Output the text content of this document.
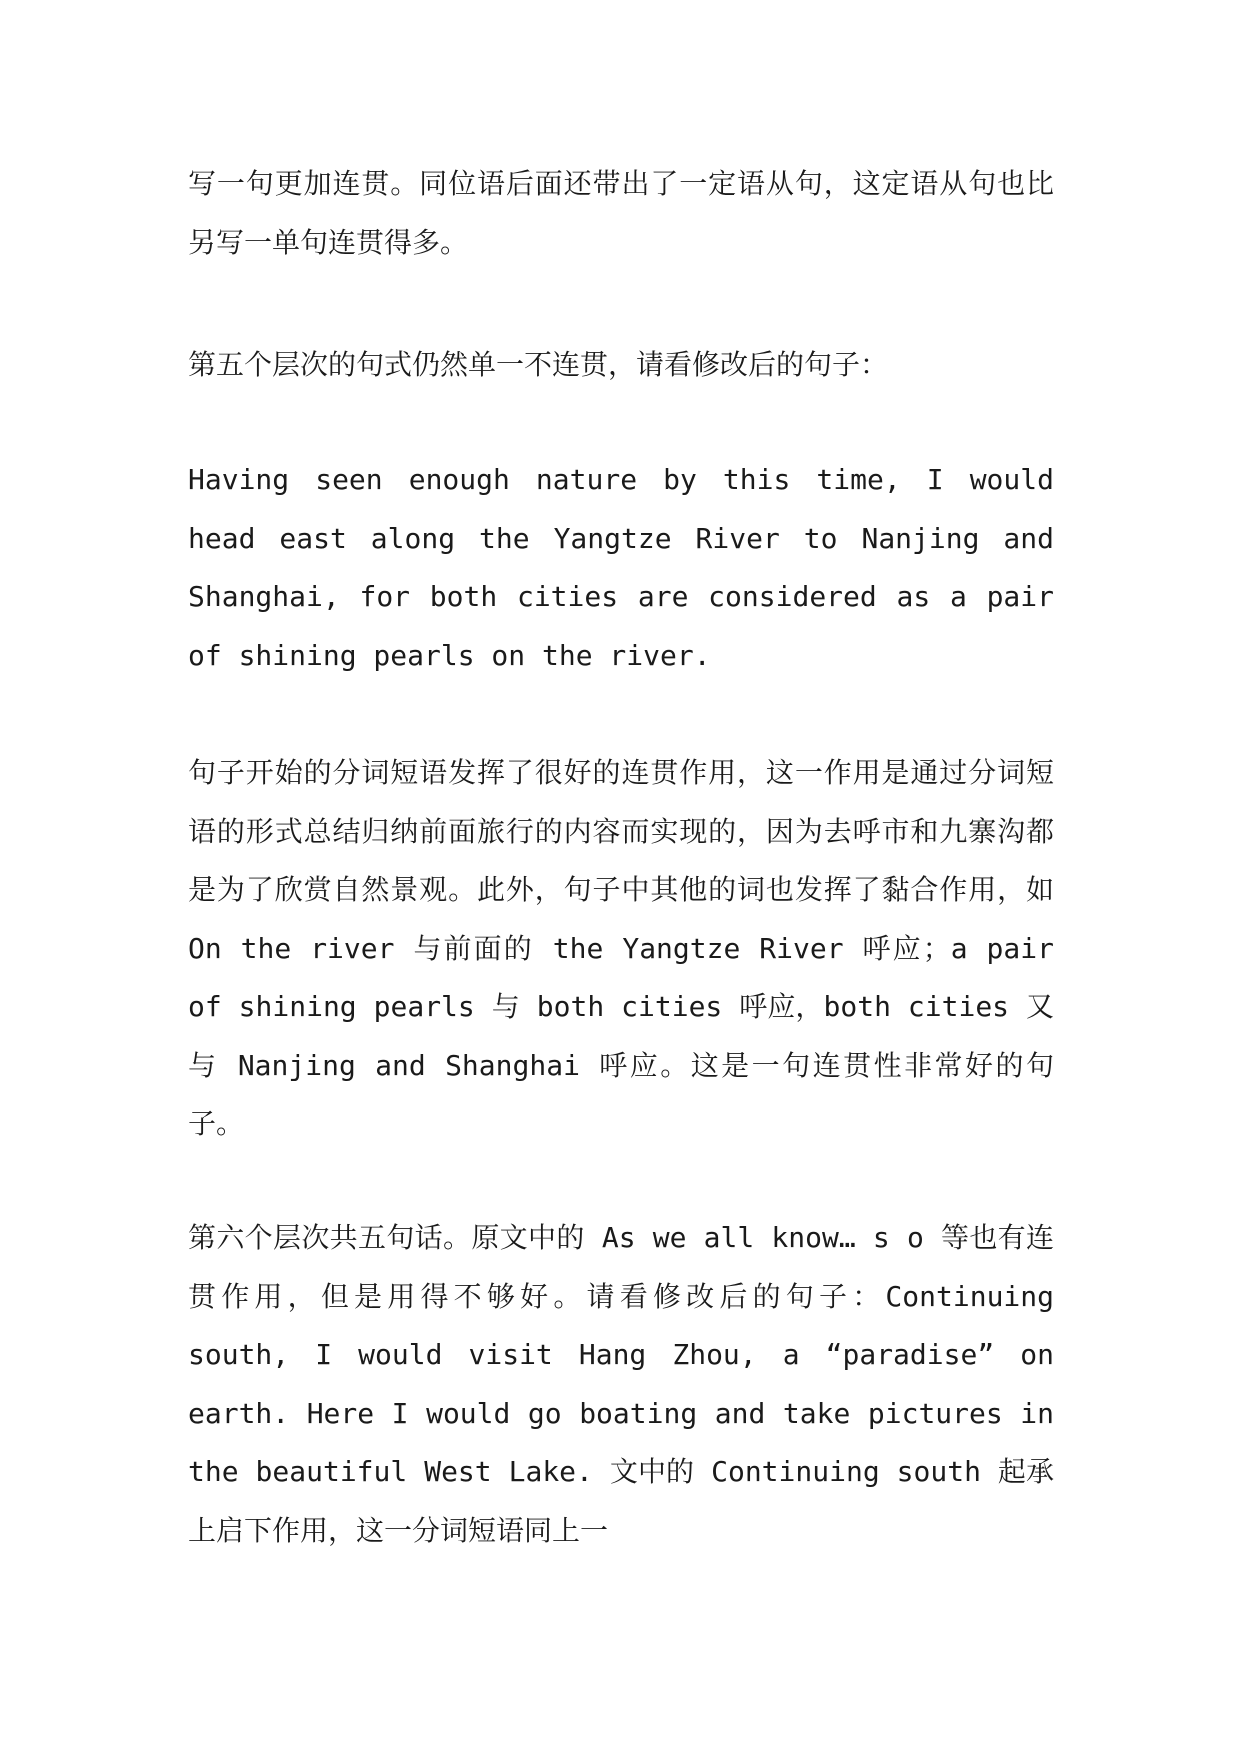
写一句更加连贯。同位语后面还带出了一定语从句，这定语从句也比另写一单句连贯得多。

第五个层次的句式仍然单一不连贯，请看修改后的句子：

Having seen enough nature by this time, I would head east along the Yangtze River to Nanjing and Shanghai, for both cities are considered as a pair of shining pearls on the river.

句子开始的分词短语发挥了很好的连贯作用，这一作用是通过分词短语的形式总结归纳前面旅行的内容而实现的，因为去呼市和九寨沟都是为了欣赏自然景观。此外，句子中其他的词也发挥了黏合作用，如 On the river 与前面的 the Yangtze River 呼应；a pair of shining pearls 与 both cities 呼应，both cities 又与 Nanjing and Shanghai 呼应。这是一句连贯性非常好的句子。

第六个层次共五句话。原文中的 As we all know… s o 等也有连贯作用，但是用得不够好。请看修改后的句子：Continuing south, I would visit Hang Zhou, a “paradise” on earth. Here I would go boating and take pictures in the beautiful West Lake. 文中的 Continuing south 起承上启下作用，这一分词短语同上一
